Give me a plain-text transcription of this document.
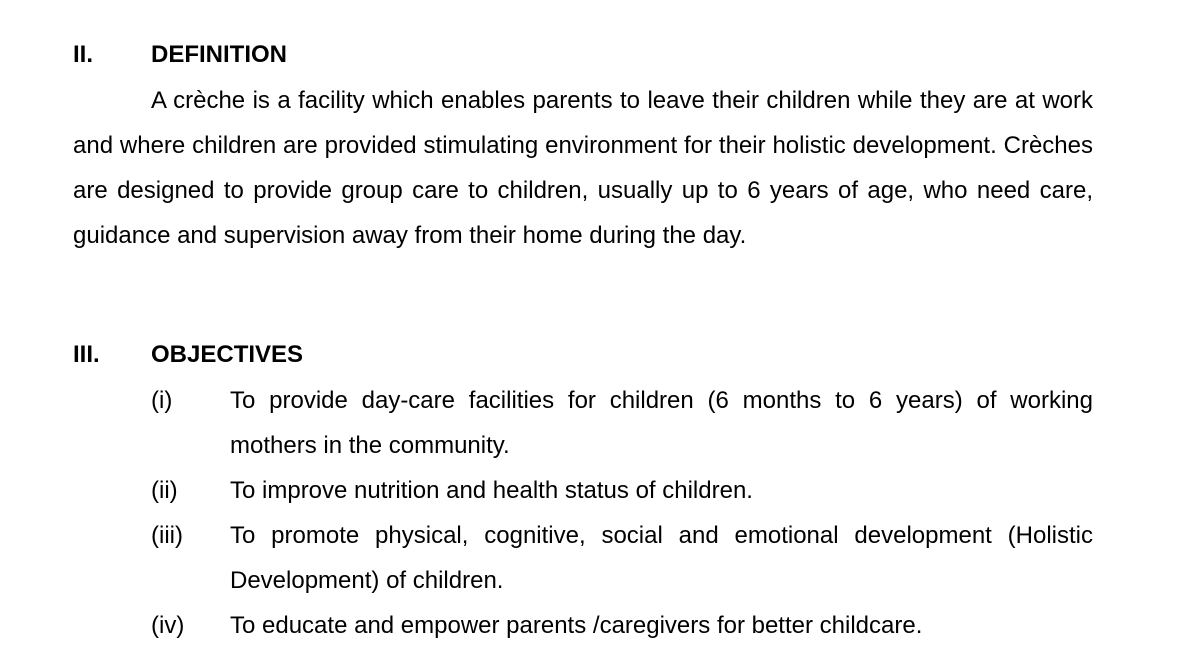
II. DEFINITION
A crèche is a facility which enables parents to leave their children while they are at work and where children are provided stimulating environment for their holistic development. Crèches are designed to provide group care to children, usually up to 6 years of age, who need care, guidance and supervision away from their home during the day.
III. OBJECTIVES
(i) To provide day-care facilities for children (6 months to 6 years) of working mothers in the community.
(ii) To improve nutrition and health status of children.
(iii) To promote physical, cognitive, social and emotional development (Holistic Development) of children.
(iv) To educate and empower parents /caregivers for better childcare.
